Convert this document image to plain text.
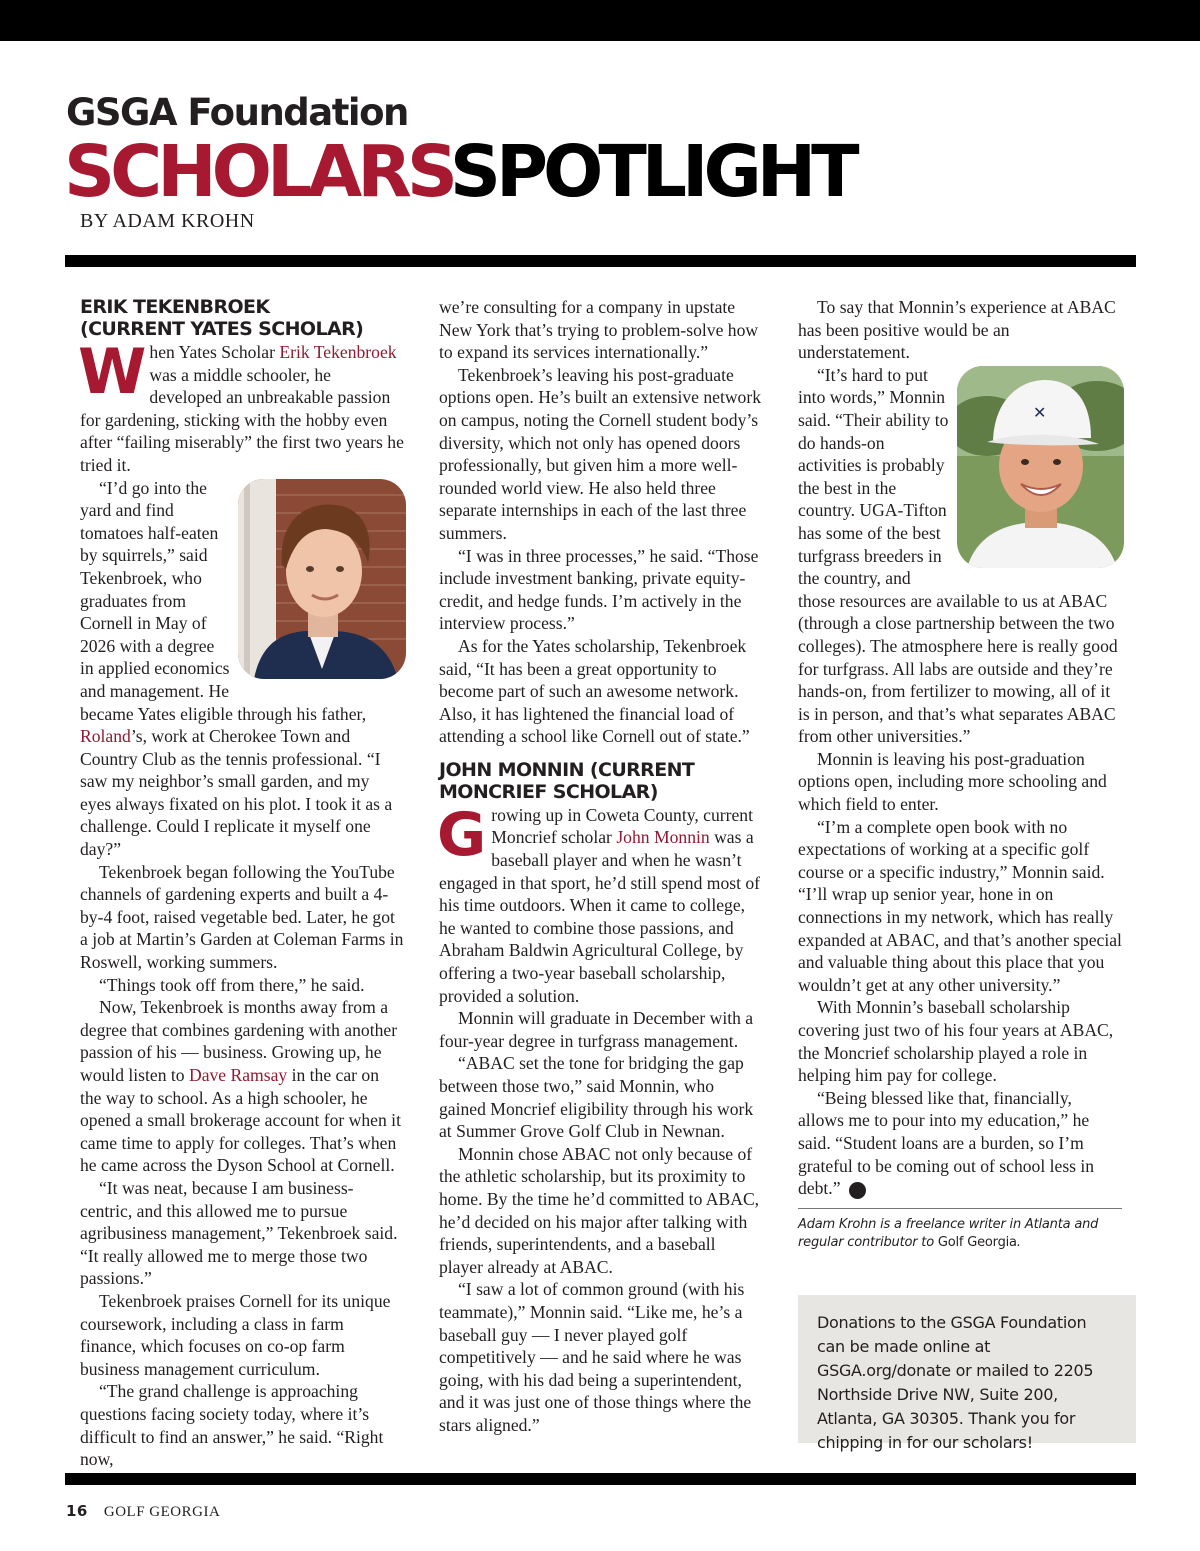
GSGA Foundation
SCHOLARSSPOTLIGHT
BY ADAM KROHN
ERIK TEKENBROEK
(CURRENT YATES SCHOLAR)

When Yates Scholar Erik Tekenbroek was a middle schooler, he developed an unbreakable passion for gardening, sticking with the hobby even after “failing miserably” the first two years he tried it.

“I’d go into the yard and find tomatoes half-eaten by squirrels,” said Tekenbroek, who graduates from Cornell in May of 2026 with a degree in applied economics and management. He became Yates eligible through his father, Roland’s, work at Cherokee Town and Country Club as the tennis professional. “I saw my neighbor’s small garden, and my eyes always fixated on his plot. I took it as a challenge. Could I replicate it myself one day?”

Tekenbroek began following the YouTube channels of gardening experts and built a 4-by-4 foot, raised vegetable bed. Later, he got a job at Martin’s Garden at Coleman Farms in Roswell, working summers.

“Things took off from there,” he said.

Now, Tekenbroek is months away from a degree that combines gardening with another passion of his — business. Growing up, he would listen to Dave Ramsay in the car on the way to school. As a high schooler, he opened a small brokerage account for when it came time to apply for colleges. That’s when he came across the Dyson School at Cornell.

“It was neat, because I am business-centric, and this allowed me to pursue agribusiness management,” Tekenbroek said. “It really allowed me to merge those two passions.”

Tekenbroek praises Cornell for its unique coursework, including a class in farm finance, which focuses on co-op farm business management curriculum.

“The grand challenge is approaching questions facing society today, where it’s difficult to find an answer,” he said. “Right now,

we’re consulting for a company in upstate New York that’s trying to problem-solve how to expand its services internationally.”

Tekenbroek’s leaving his post-graduate options open. He’s built an extensive network on campus, noting the Cornell student body’s diversity, which not only has opened doors professionally, but given him a more well-rounded world view. He also held three separate internships in each of the last three summers.

“I was in three processes,” he said. “Those include investment banking, private equity-credit, and hedge funds. I’m actively in the interview process.”

As for the Yates scholarship, Tekenbroek said, “It has been a great opportunity to become part of such an awesome network. Also, it has lightened the financial load of attending a school like Cornell out of state.”

JOHN MONNIN (CURRENT
MONCRIEF SCHOLAR)

Growing up in Coweta County, current Moncrief scholar John Monnin was a baseball player and when he wasn’t engaged in that sport, he’d still spend most of his time outdoors. When it came to college, he wanted to combine those passions, and Abraham Baldwin Agricultural College, by offering a two-year baseball scholarship, provided a solution.

Monnin will graduate in December with a four-year degree in turfgrass management.

“ABAC set the tone for bridging the gap between those two,” said Monnin, who gained Moncrief eligibility through his work at Summer Grove Golf Club in Newnan.

Monnin chose ABAC not only because of the athletic scholarship, but its proximity to home. By the time he’d committed to ABAC, he’d decided on his major after talking with friends, superintendents, and a baseball player already at ABAC.

“I saw a lot of common ground (with his teammate),” Monnin said. “Like me, he’s a baseball guy — I never played golf competitively — and he said where he was going, with his dad being a superintendent, and it was just one of those things where the stars aligned.”

To say that Monnin’s experience at ABAC has been positive would be an understatement.

✕
“It’s hard to put into words,” Monnin said. “Their ability to do hands-on activities is probably the best in the country. UGA-Tifton has some of the best turfgrass breeders in the country, and those resources are available to us at ABAC (through a close partnership between the two colleges). The atmosphere here is really good for turfgrass. All labs are outside and they’re hands-on, from fertilizer to mowing, all of it is in person, and that’s what separates ABAC from other universities.”

Monnin is leaving his post-graduation options open, including more schooling and which field to enter.

“I’m a complete open book with no expectations of working at a specific golf course or a specific industry,” Monnin said. “I’ll wrap up senior year, hone in on connections in my network, which has really expanded at ABAC, and that’s another special and valuable thing about this place that you wouldn’t get at any other university.”

With Monnin’s baseball scholarship covering just two of his four years at ABAC, the Moncrief scholarship played a role in helping him pay for college.

“Being blessed like that, financially, allows me to pour into my education,” he said. “Student loans are a burden, so I’m grateful to be coming out of school less in debt.”	GG

Adam Krohn is a freelance writer in Atlanta and regular contributor to Golf Georgia.
Donations to the GSGA Foundation can be made online at GSGA.org/donate or mailed to 2205 Northside Drive NW, Suite 200, Atlanta, GA 30305. Thank you for chipping in for our scholars!
16 GOLF GEORGIA
